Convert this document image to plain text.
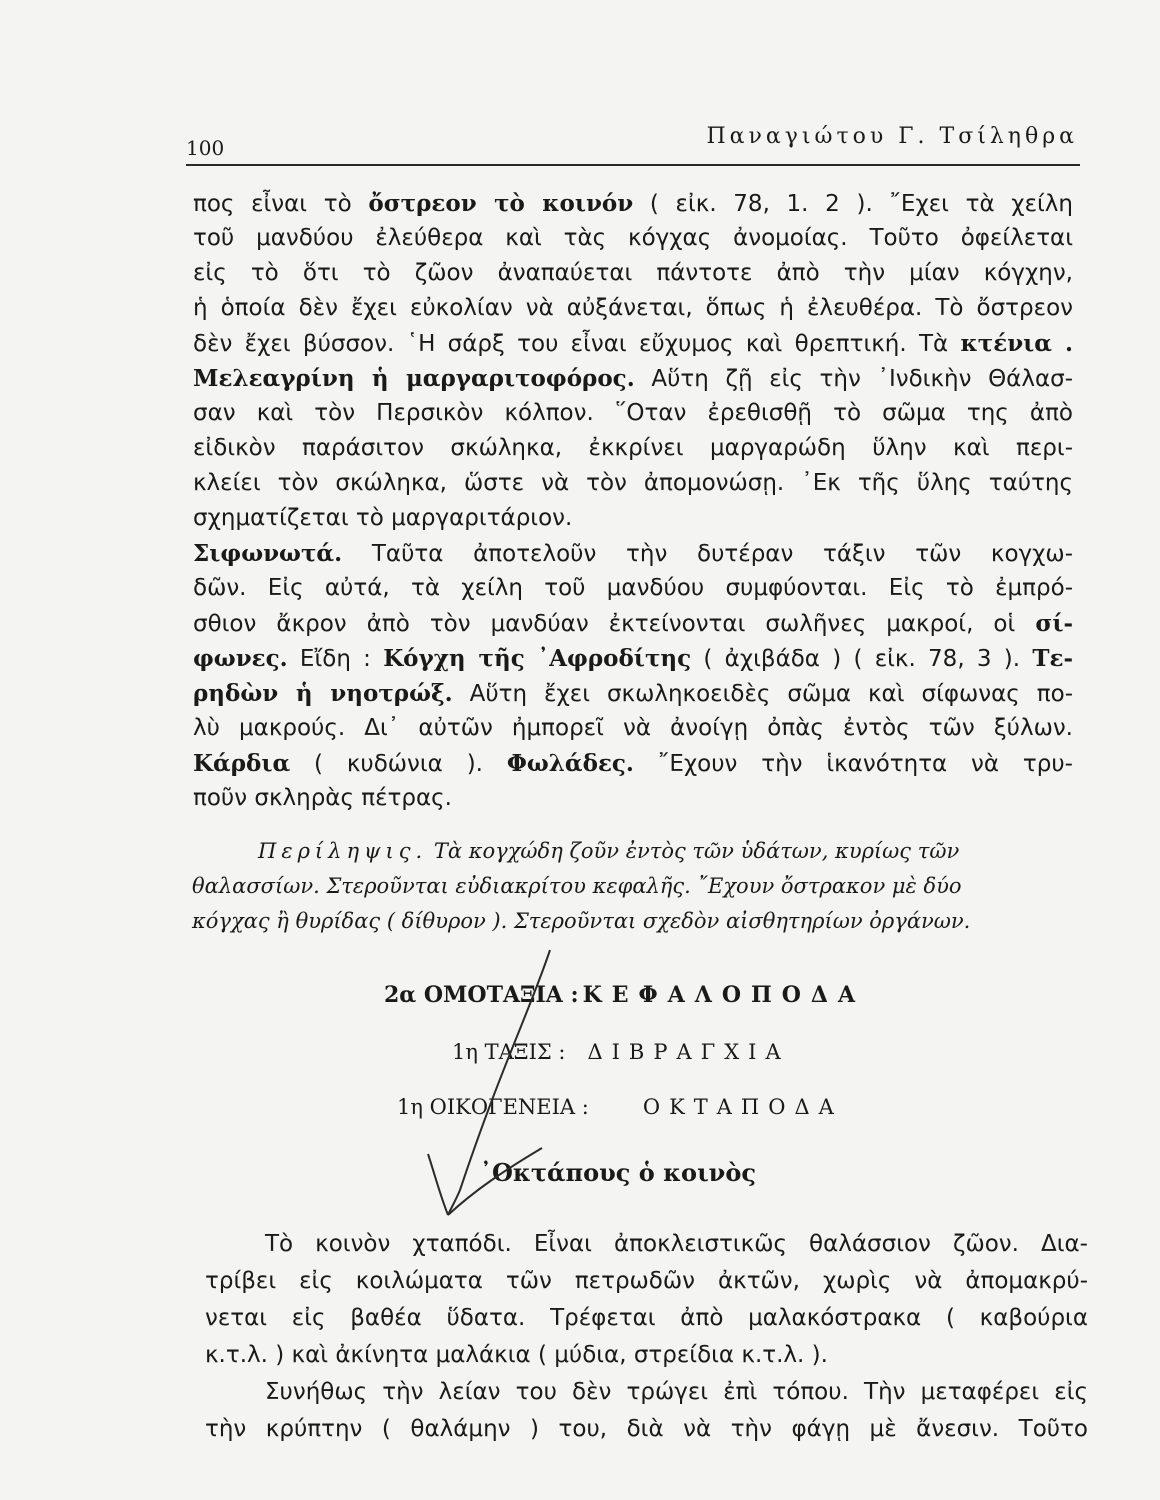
100	Παναγιώτου Γ. Τσίληθρα
πος εἶναι τὸ ὄστρεον τὸ κοινόν ( εἰκ. 78, 1. 2 ). ῎Εχει τὰ χείλη
τοῦ μανδύου ἐλεύθερα καὶ τὰς κόγχας ἀνομοίας. Τοῦτο ὀφείλεται
εἰς τὸ ὅτι τὸ ζῶον ἀναπαύεται πάντοτε ἀπὸ τὴν μίαν κόγχην,
ἡ ὁποία δὲν ἔχει εὐκολίαν νὰ αὐξάνεται, ὅπως ἡ ἐλευθέρα. Τὸ ὄστρεον
δὲν ἔχει βύσσον. ῾Η σάρξ του εἶναι εὔχυμος καὶ θρεπτική. Τὰ κτένια .
Μελεαγρίνη ἡ μαργαριτοφόρος. Αὕτη ζῇ εἰς τὴν ᾽Ινδικὴν Θάλασ-
σαν καὶ τὸν Περσικὸν κόλπον. ῞Οταν ἐρεθισθῇ τὸ σῶμα της ἀπὸ
εἰδικὸν παράσιτον σκώληκα, ἐκκρίνει μαργαρώδη ὕλην καὶ περι-
κλείει τὸν σκώληκα, ὥστε νὰ τὸν ἀπομονώσῃ. ᾽Εκ τῆς ὕλης ταύτης
σχηματίζεται τὸ μαργαριτάριον.
Σιφωνωτά. Ταῦτα ἀποτελοῦν τὴν δυτέραν τάξιν τῶν κογχω-
δῶν. Εἰς αὐτά, τὰ χείλη τοῦ μανδύου συμφύονται. Εἰς τὸ ἐμπρό-
σθιον ἄκρον ἀπὸ τὸν μανδύαν ἐκτείνονται σωλῆνες μακροί, οἱ σί-
φωνες. Εἴδη : Κόγχη τῆς ᾽Αφροδίτης ( ἀχιβάδα ) ( εἰκ. 78, 3 ). Τε-
ρηδὼν ἡ νηοτρώξ. Αὕτη ἔχει σκωληκοειδὲς σῶμα καὶ σίφωνας πο-
λὺ μακρούς. Δι᾽ αὐτῶν ἠμπορεῖ νὰ ἀνοίγῃ ὀπὰς ἐντὸς τῶν ξύλων.
Κάρδια ( κυδώνια ). Φωλάδες. ῎Εχουν τὴν ἱκανότητα νὰ τρυ-
ποῦν σκληρὰς πέτρας.
Περίληψις. Τὰ κογχώδη ζοῦν ἐντὸς τῶν ὑδάτων, κυρίως τῶν
θαλασσίων. Στεροῦνται εὐδιακρίτου κεφαλῆς. ῎Εχουν ὄστρακον μὲ δύο
κόγχας ἢ θυρίδας ( δίθυρον ). Στεροῦνται σχεδὸν αἰσθητηρίων ὀργάνων.
2α ΟΜΟΤΑΞΙΑ : ΚΕΦΑΛΟΠΟΔΑ
1η ΤΑΞΙΣ : ΔΙΒΡΑΓΧΙΑ
1η ΟΙΚΟΓΕΝΕΙΑ :	ΟΚΤΑΠΟΔΑ
᾽Οκτάπους ὁ κοινὸς
Τὸ κοινὸν χταπόδι. Εἶναι ἀποκλειστικῶς θαλάσσιον ζῶον. Δια-
τρίβει εἰς κοιλώματα τῶν πετρωδῶν ἀκτῶν, χωρὶς νὰ ἀπομακρύ-
νεται εἰς βαθέα ὕδατα. Τρέφεται ἀπὸ μαλακόστρακα ( καβούρια
κ.τ.λ. ) καὶ ἀκίνητα μαλάκια ( μύδια, στρείδια κ.τ.λ. ).
Συνήθως τὴν λείαν του δὲν τρώγει ἐπὶ τόπου. Τὴν μεταφέρει εἰς
τὴν κρύπτην ( θαλάμην ) του, διὰ νὰ τὴν φάγῃ μὲ ἄνεσιν. Τοῦτο
